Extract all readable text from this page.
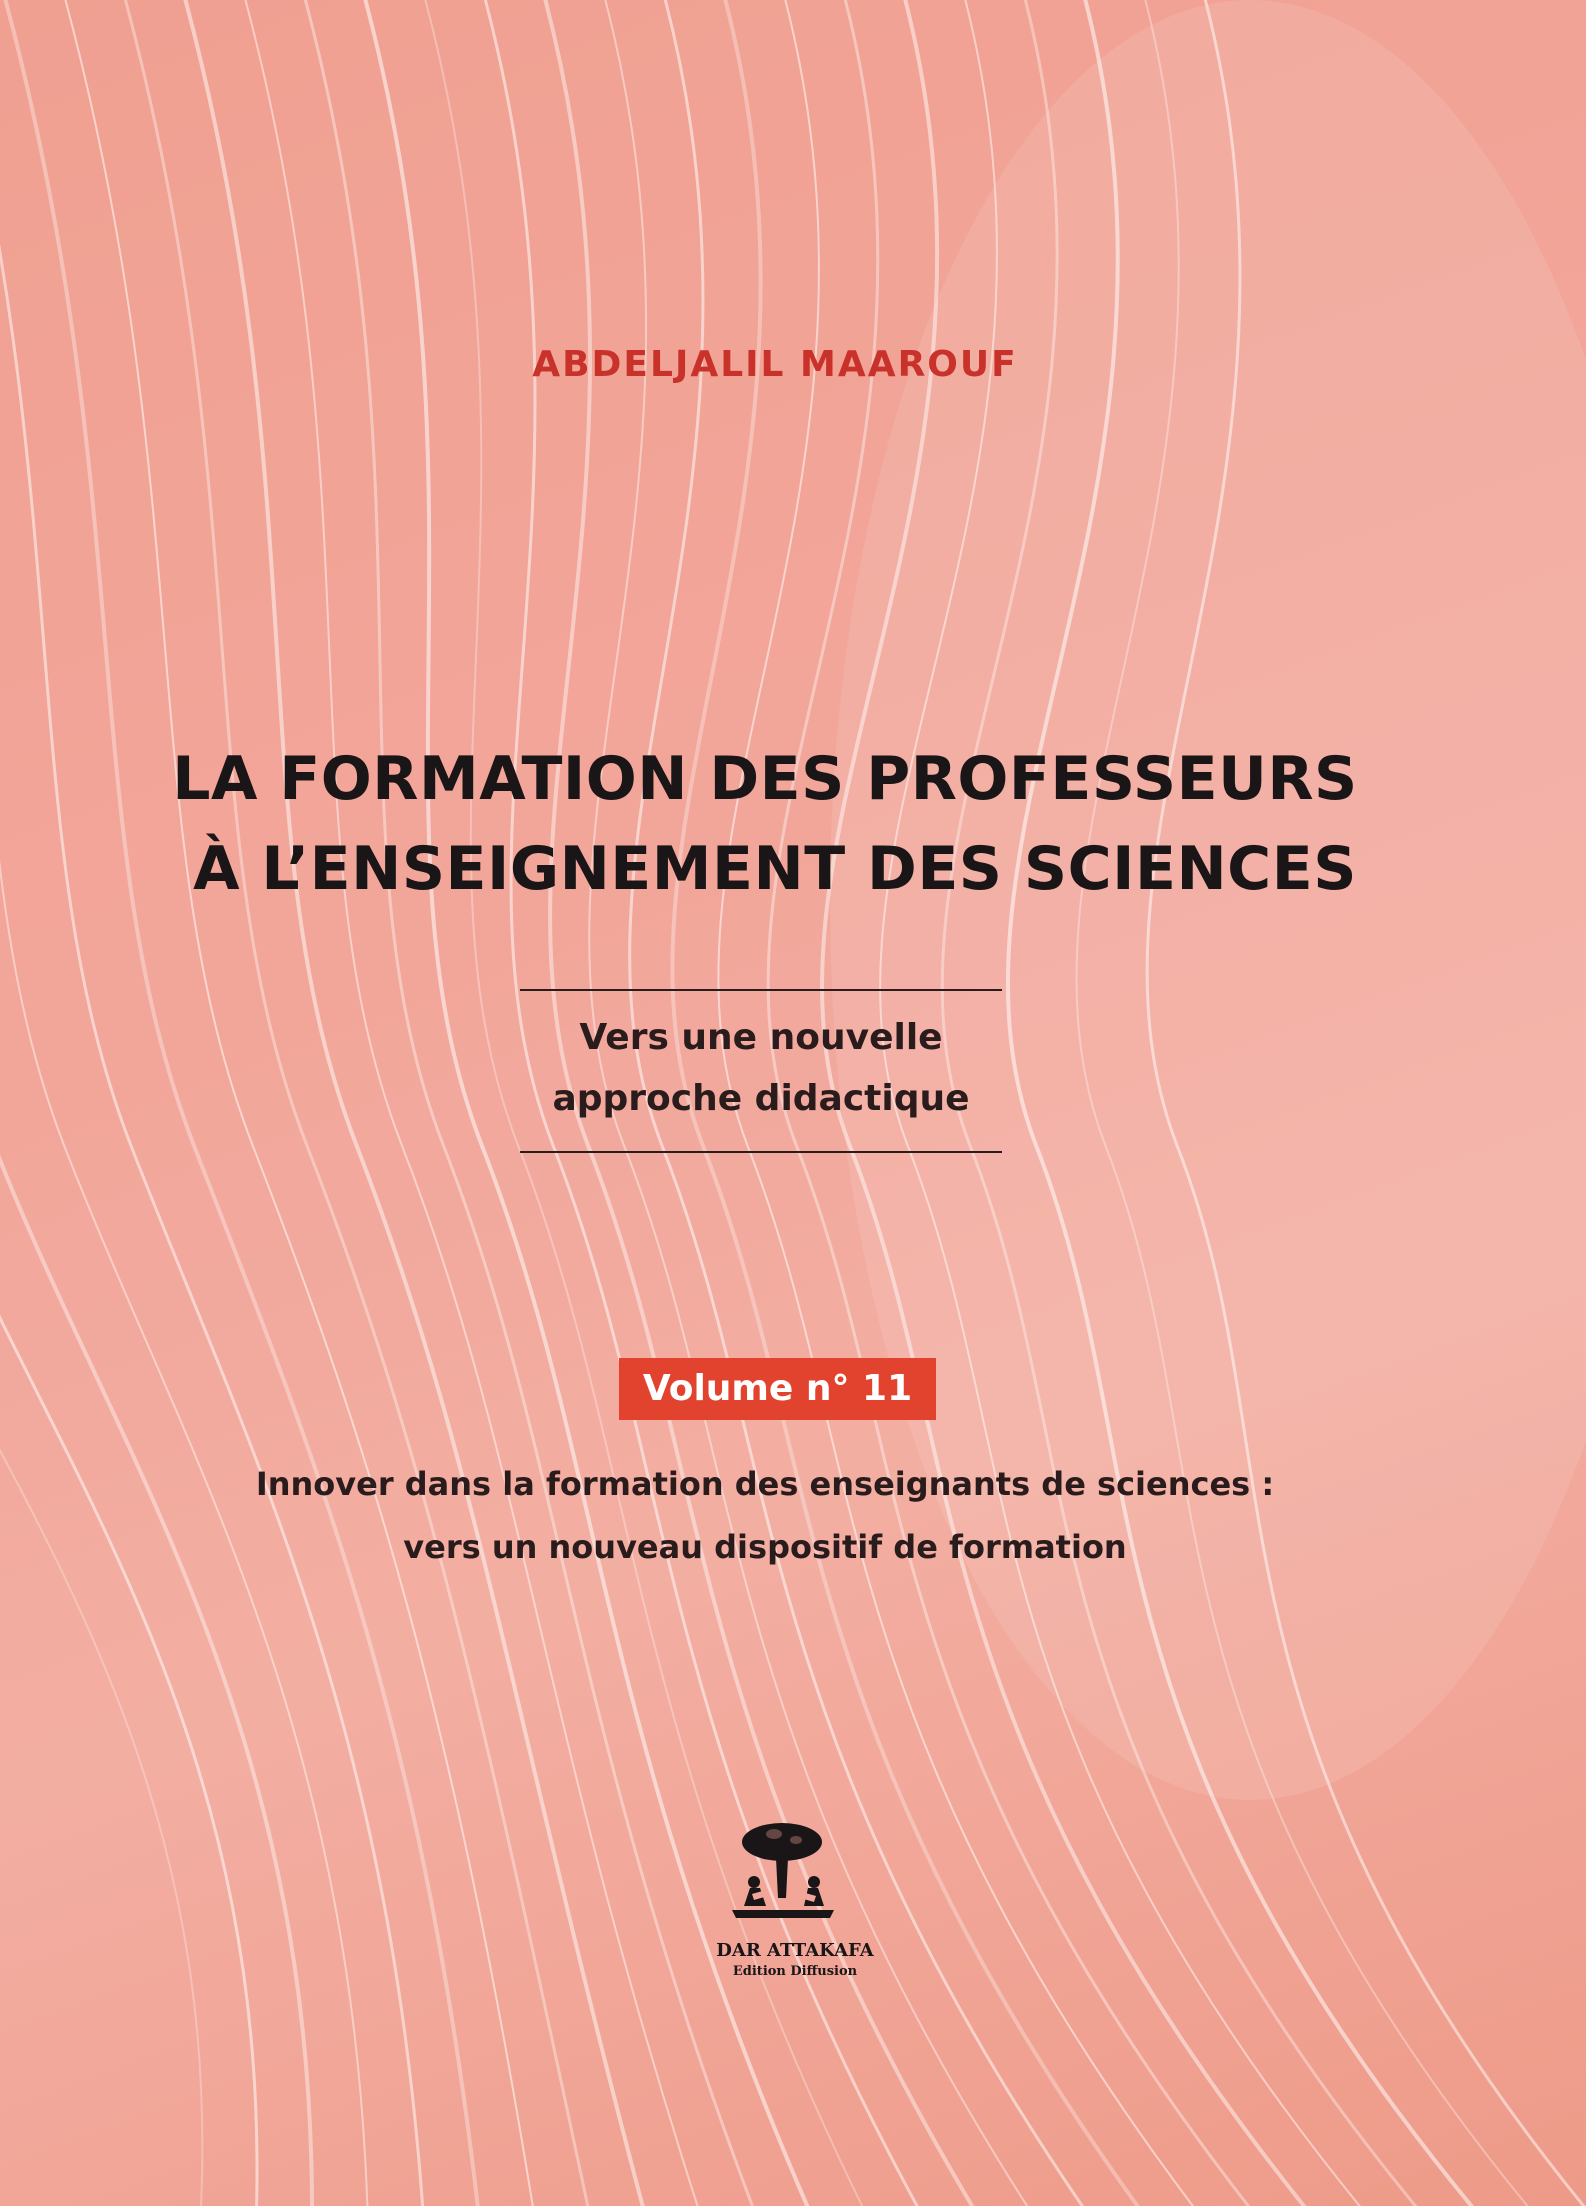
ABDELJALIL MAAROUF
LA FORMATION DES PROFESSEURS
À L’ENSEIGNEMENT DES SCIENCES
Vers une nouvelle
approche didactique
Volume n° 11
Innover dans la formation des enseignants de sciences :
vers un nouveau dispositif de formation
DAR ATTAKAFA
Edition Diffusion
